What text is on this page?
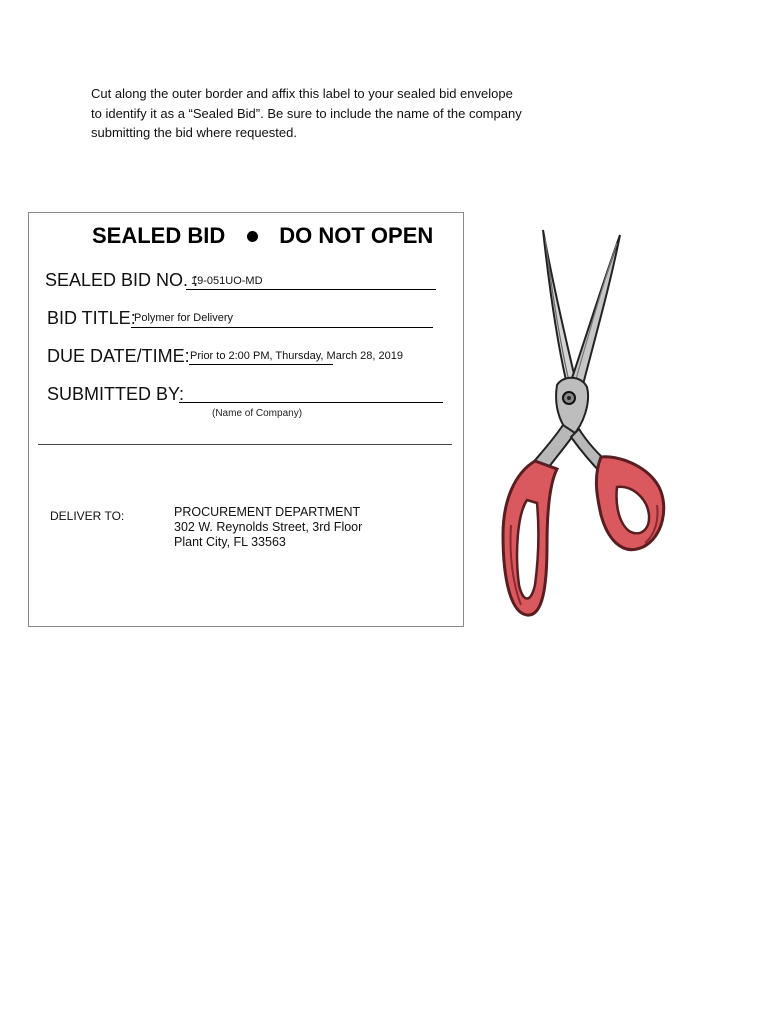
Cut along the outer border and affix this label to your sealed bid envelope
to identify it as a “Sealed Bid”. Be sure to include the name of the company
submitting the bid where requested.
SEALED BID DO NOT OPEN
SEALED BID NO. :
19-051UO-MD
BID TITLE:
Polymer for Delivery
DUE DATE/TIME: Prior to 2:00 PM, Thursday, March 28, 2019
SUBMITTED BY:
(Name of Company)
DELIVER TO:	PROCUREMENT DEPARTMENT
302 W. Reynolds Street, 3rd Floor
Plant City, FL 33563
